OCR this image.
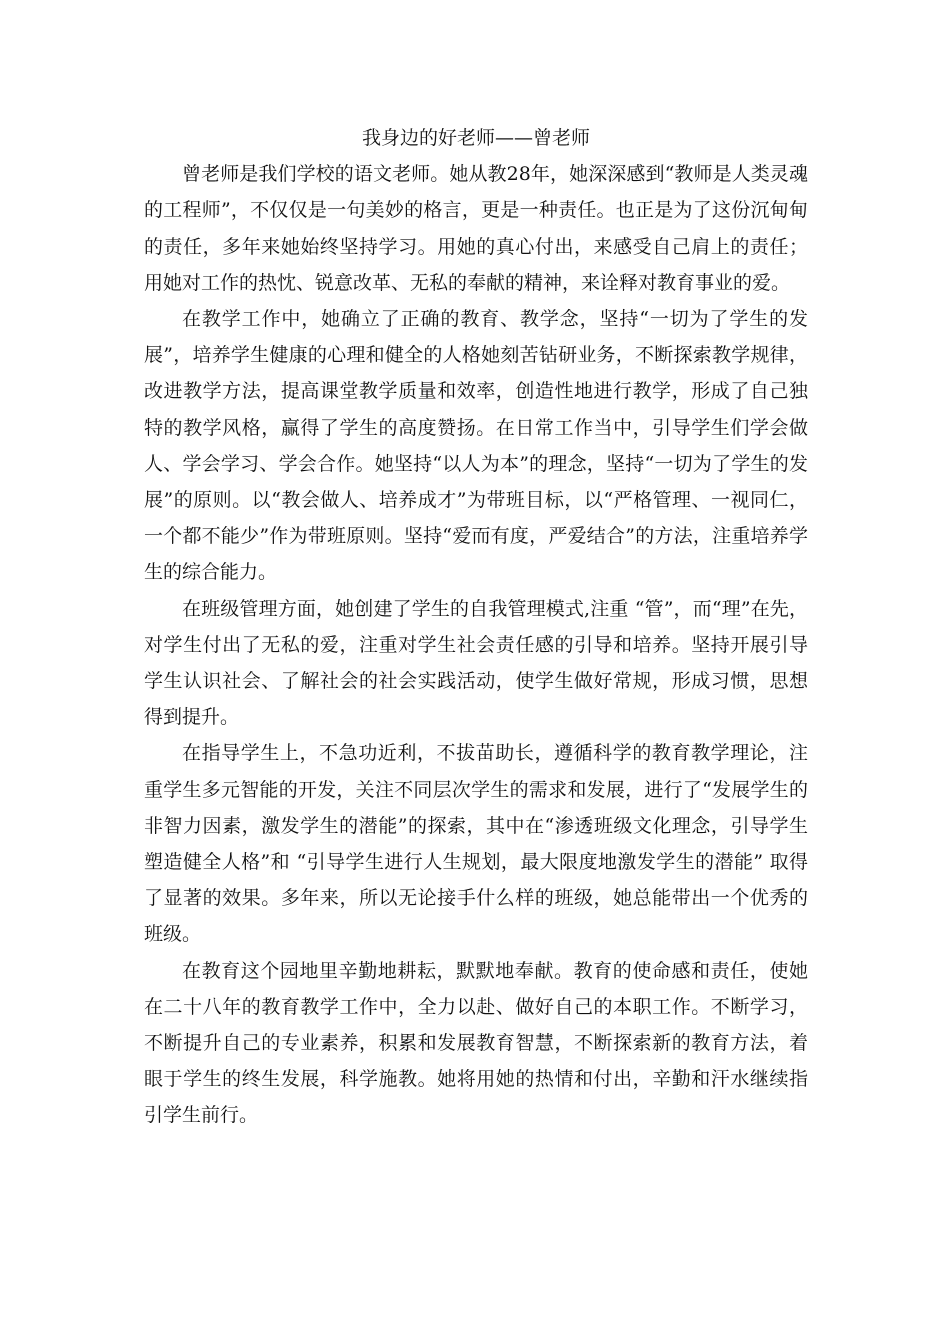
我身边的好老师——曾老师

曾老师是我们学校的语文老师。她从教28年，她深深感到“教师是人类灵魂的工程师”，不仅仅是一句美妙的格言，更是一种责任。也正是为了这份沉甸甸的责任，多年来她始终坚持学习。用她的真心付出，来感受自己肩上的责任；用她对工作的热忱、锐意改革、无私的奉献的精神，来诠释对教育事业的爱。

在教学工作中，她确立了正确的教育、教学念，坚持“一切为了学生的发展”，培养学生健康的心理和健全的人格她刻苦钻研业务，不断探索教学规律，改进教学方法，提高课堂教学质量和效率，创造性地进行教学，形成了自己独特的教学风格，赢得了学生的高度赞扬。在日常工作当中，引导学生们学会做人、学会学习、学会合作。她坚持“以人为本”的理念，坚持“一切为了学生的发展”的原则。以“教会做人、培养成才”为带班目标，以“严格管理、一视同仁，一个都不能少”作为带班原则。坚持“爱而有度，严爱结合”的方法，注重培养学生的综合能力。

在班级管理方面，她创建了学生的自我管理模式,注重 “管”，而“理”在先，对学生付出了无私的爱，注重对学生社会责任感的引导和培养。坚持开展引导学生认识社会、了解社会的社会实践活动，使学生做好常规，形成习惯，思想得到提升。

在指导学生上，不急功近利，不拔苗助长，遵循科学的教育教学理论，注重学生多元智能的开发，关注不同层次学生的需求和发展，进行了“发展学生的非智力因素，激发学生的潜能”的探索，其中在“渗透班级文化理念，引导学生塑造健全人格”和 “引导学生进行人生规划，最大限度地激发学生的潜能” 取得了显著的效果。多年来，所以无论接手什么样的班级，她总能带出一个优秀的班级。

在教育这个园地里辛勤地耕耘，默默地奉献。教育的使命感和责任，使她在二十八年的教育教学工作中，全力以赴、做好自己的本职工作。不断学习，不断提升自己的专业素养，积累和发展教育智慧，不断探索新的教育方法，着眼于学生的终生发展，科学施教。她将用她的热情和付出，辛勤和汗水继续指引学生前行。
